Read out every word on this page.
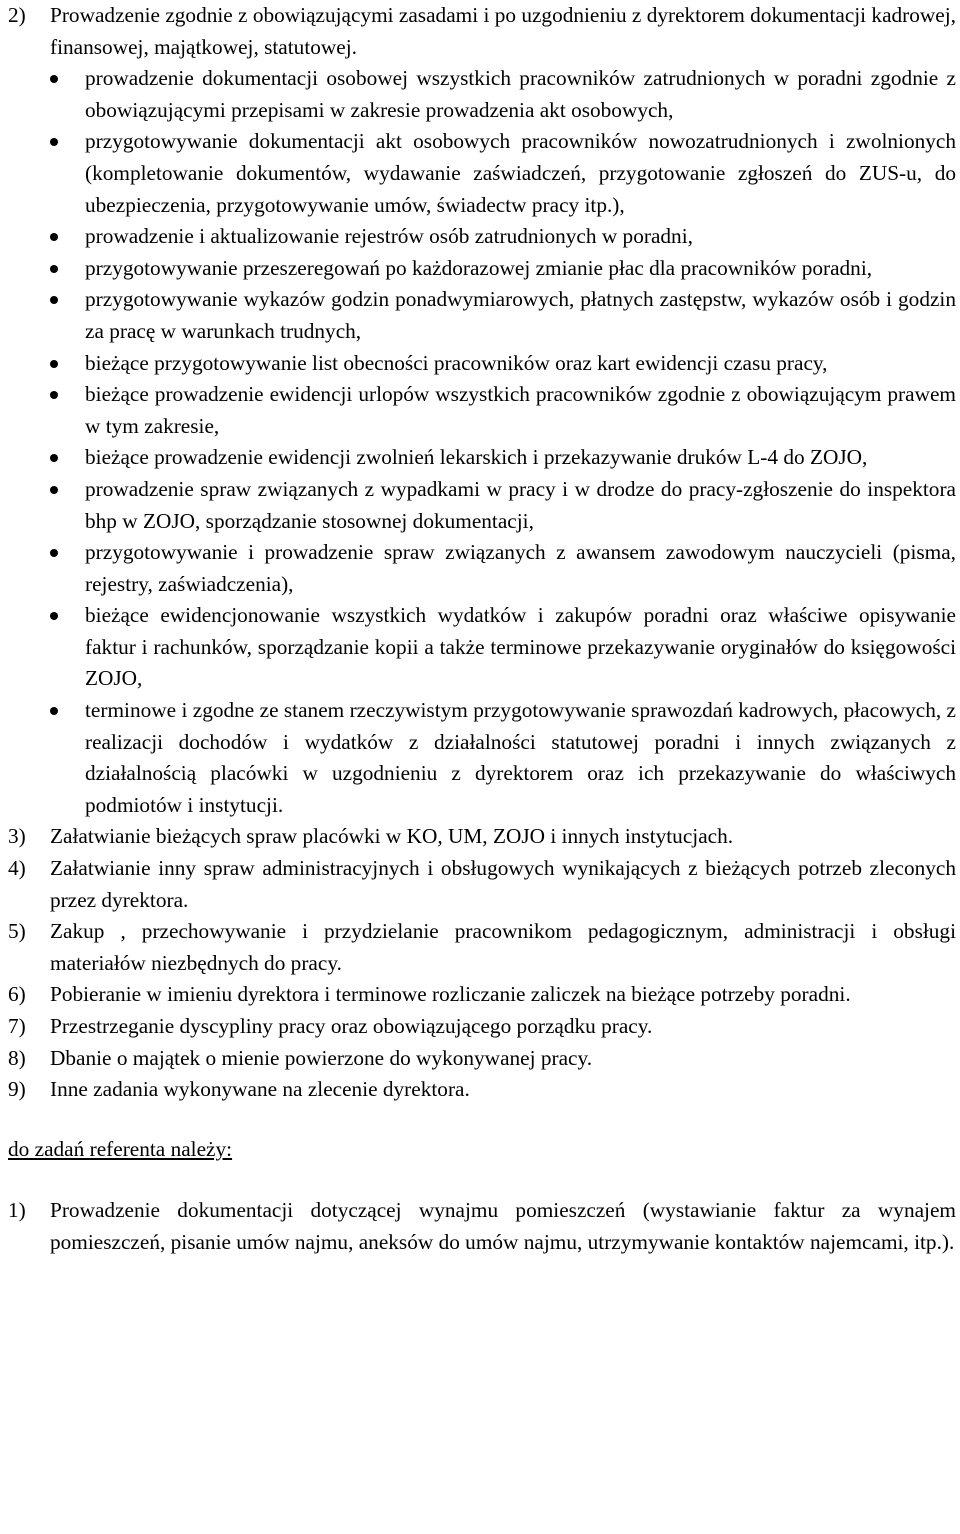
2)	Prowadzenie zgodnie z obowiązującymi zasadami i po uzgodnieniu z dyrektorem dokumentacji kadrowej, finansowej, majątkowej, statutowej.
prowadzenie dokumentacji osobowej wszystkich pracowników zatrudnionych w poradni zgodnie z obowiązującymi przepisami w zakresie prowadzenia akt osobowych,
przygotowywanie dokumentacji akt osobowych pracowników nowozatrudnionych i zwolnionych (kompletowanie dokumentów, wydawanie zaświadczeń, przygotowanie zgłoszeń do ZUS-u, do ubezpieczenia, przygotowywanie umów, świadectw pracy itp.),
prowadzenie i aktualizowanie rejestrów osób zatrudnionych w poradni,
przygotowywanie przeszeregowań po każdorazowej zmianie płac dla pracowników poradni,
przygotowywanie wykazów godzin ponadwymiarowych, płatnych zastępstw, wykazów osób i godzin za pracę w warunkach trudnych,
bieżące przygotowywanie list obecności pracowników oraz kart ewidencji czasu pracy,
bieżące prowadzenie ewidencji urlopów wszystkich pracowników zgodnie z obowiązującym prawem w tym zakresie,
bieżące prowadzenie ewidencji zwolnień lekarskich i przekazywanie druków L-4 do ZOJO,
prowadzenie spraw związanych z wypadkami w pracy i w drodze do pracy-zgłoszenie do inspektora bhp w ZOJO, sporządzanie stosownej dokumentacji,
przygotowywanie i prowadzenie spraw związanych z awansem zawodowym nauczycieli (pisma, rejestry, zaświadczenia),
bieżące ewidencjonowanie wszystkich wydatków i zakupów poradni oraz właściwe opisywanie faktur i rachunków, sporządzanie kopii a także terminowe przekazywanie oryginałów do księgowości ZOJO,
terminowe i zgodne ze stanem rzeczywistym przygotowywanie sprawozdań kadrowych, płacowych, z realizacji dochodów i wydatków z działalności statutowej poradni i innych związanych z działalnością placówki w uzgodnieniu z dyrektorem oraz ich przekazywanie do właściwych podmiotów i instytucji.
3)	Załatwianie bieżących spraw placówki w KO, UM, ZOJO i innych instytucjach.
4)	Załatwianie inny spraw administracyjnych i obsługowych wynikających z bieżących potrzeb zleconych przez dyrektora.
5)	Zakup , przechowywanie i przydzielanie pracownikom pedagogicznym, administracji i obsługi materiałów niezbędnych do pracy.
6)	Pobieranie w imieniu dyrektora i terminowe rozliczanie zaliczek na bieżące potrzeby poradni.
7)	Przestrzeganie dyscypliny pracy oraz obowiązującego porządku pracy.
8)	Dbanie o majątek o mienie powierzone do wykonywanej pracy.
9)	Inne zadania wykonywane na zlecenie dyrektora.
do zadań referenta należy:
1)	Prowadzenie dokumentacji dotyczącej wynajmu pomieszczeń (wystawianie faktur za wynajem pomieszczeń, pisanie umów najmu, aneksów do umów najmu, utrzymywanie kontaktów najemcami, itp.).
